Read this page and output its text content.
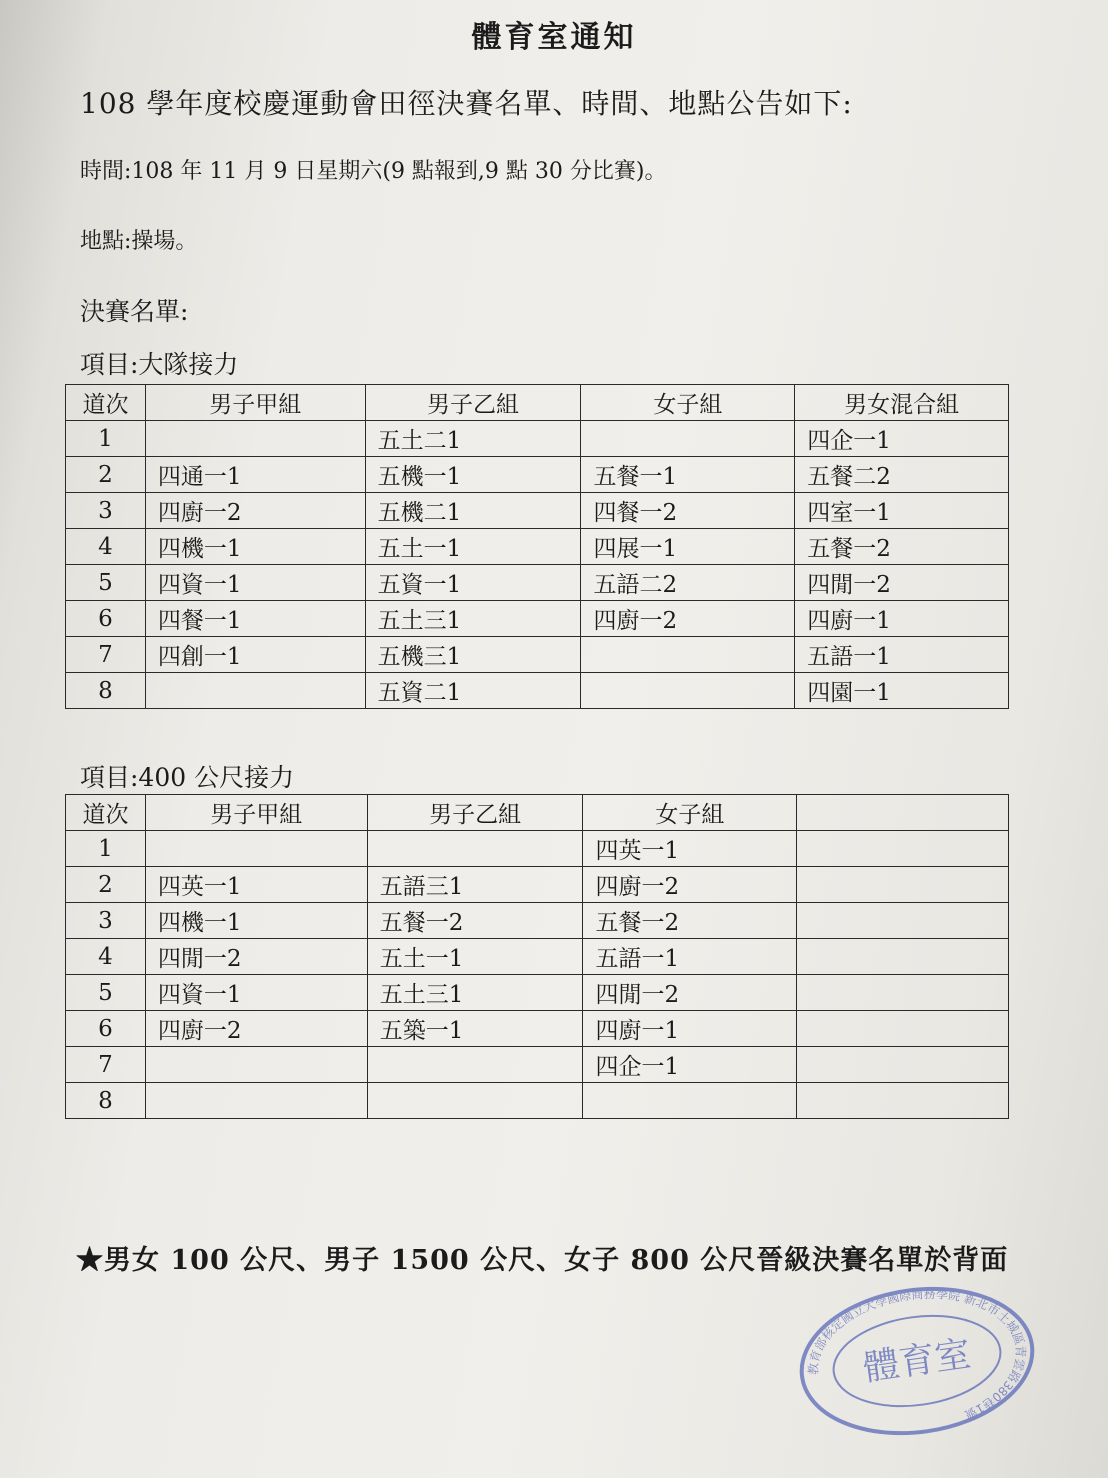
體育室通知
108 學年度校慶運動會田徑決賽名單、時間、地點公告如下:
時間:108 年 11 月 9 日星期六(9 點報到,9 點 30 分比賽)。
地點:操場。
決賽名單:
項目:大隊接力
道次	男子甲組	男子乙組	女子組	男女混合組
1		五土二1		四企一1
2	四通一1	五機一1	五餐一1	五餐二2
3	四廚一2	五機二1	四餐一2	四室一1
4	四機一1	五土一1	四展一1	五餐一2
5	四資一1	五資一1	五語二2	四閒一2
6	四餐一1	五土三1	四廚一2	四廚一1
7	四創一1	五機三1		五語一1
8		五資二1		四園一1
項目:400 公尺接力
道次	男子甲組	男子乙組	女子組	
1			四英一1	
2	四英一1	五語三1	四廚一2	
3	四機一1	五餐一2	五餐一2	
4	四閒一2	五土一1	五語一1	
5	四資一1	五土三1	四閒一2	
6	四廚一2	五築一1	四廚一1	
7			四企一1	
8				
★男女 100 公尺、男子 1500 公尺、女子 800 公尺晉級決賽名單於背面
教育部核定國立大學國際商務學院 新北市土城區青雲路380巷1號
體育室
